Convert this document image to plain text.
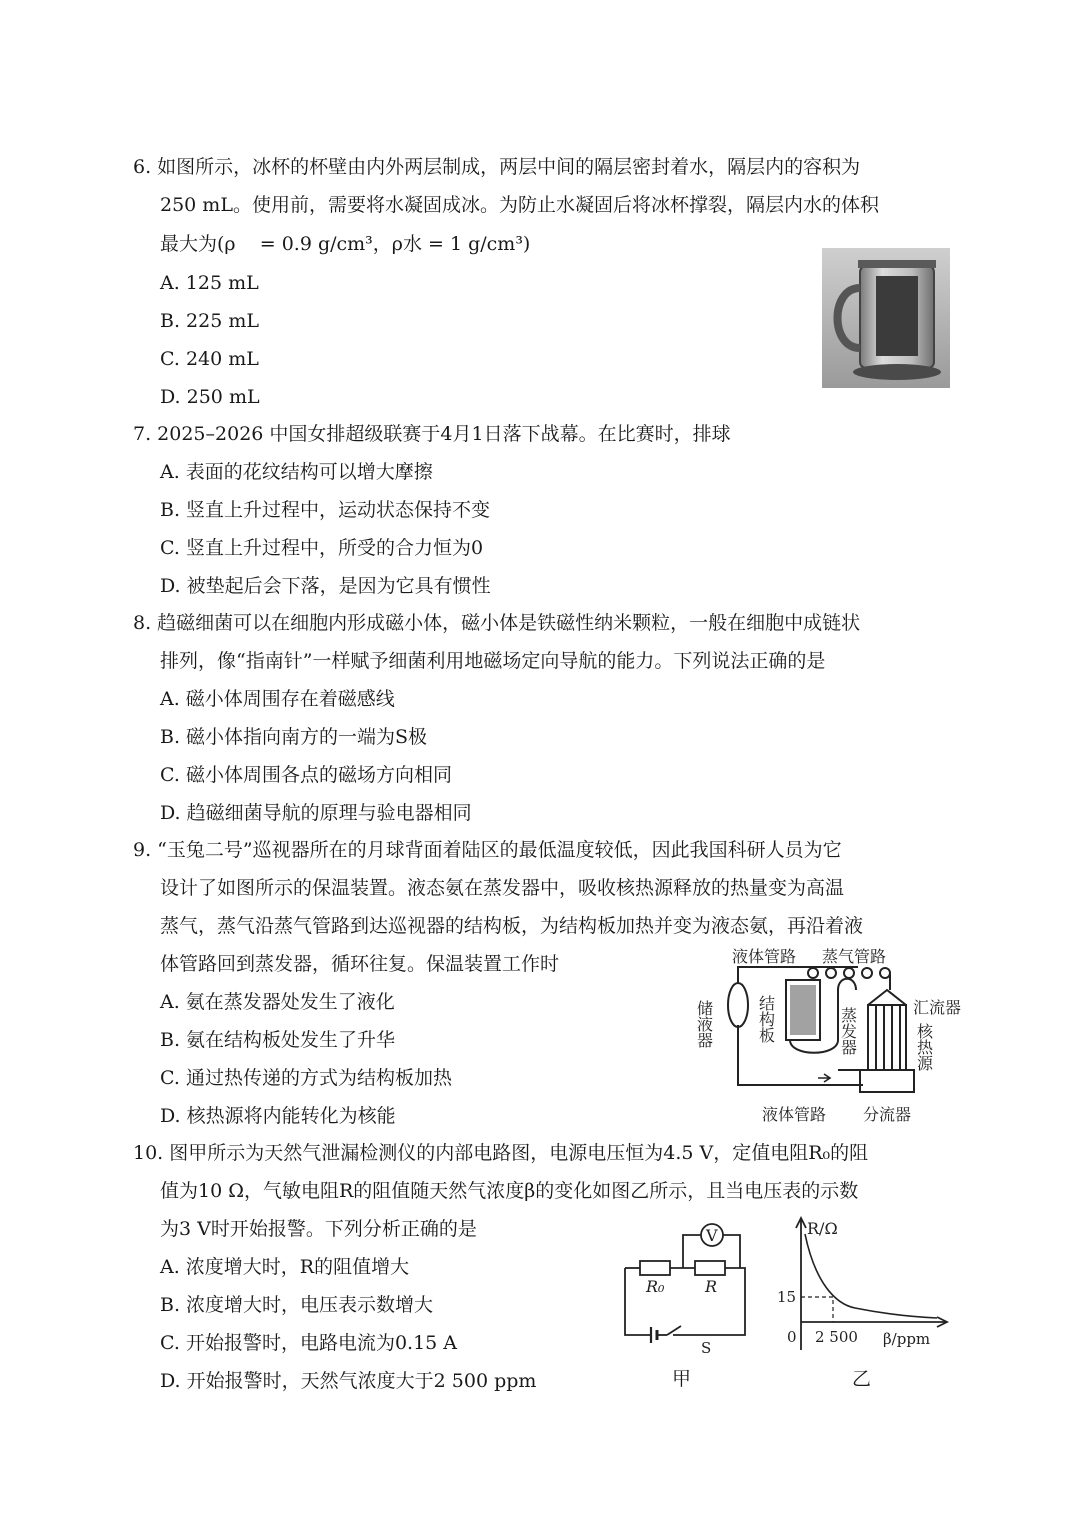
6. 如图所示，冰杯的杯壁由内外两层制成，两层中间的隔层密封着水，隔层内的容积为
250 mL。使用前，需要将水凝固成冰。为防止水凝固后将冰杯撑裂，隔层内水的体积
最大为(ρ    = 0.9 g/cm³，ρ水 = 1 g/cm³)
A. 125 mL
B. 225 mL
C. 240 mL
D. 250 mL
7. 2025–2026 中国女排超级联赛于4月1日落下战幕。在比赛时，排球
A. 表面的花纹结构可以增大摩擦
B. 竖直上升过程中，运动状态保持不变
C. 竖直上升过程中，所受的合力恒为0
D. 被垫起后会下落，是因为它具有惯性
8. 趋磁细菌可以在细胞内形成磁小体，磁小体是铁磁性纳米颗粒，一般在细胞中成链状
排列，像“指南针”一样赋予细菌利用地磁场定向导航的能力。下列说法正确的是
A. 磁小体周围存在着磁感线
B. 磁小体指向南方的一端为S极
C. 磁小体周围各点的磁场方向相同
D. 趋磁细菌导航的原理与验电器相同
9. “玉兔二号”巡视器所在的月球背面着陆区的最低温度较低，因此我国科研人员为它
设计了如图所示的保温装置。液态氨在蒸发器中，吸收核热源释放的热量变为高温
蒸气，蒸气沿蒸气管路到达巡视器的结构板，为结构板加热并变为液态氨，再沿着液
体管路回到蒸发器，循环往复。保温装置工作时
A. 氨在蒸发器处发生了液化
B. 氨在结构板处发生了升华
C. 通过热传递的方式为结构板加热
D. 核热源将内能转化为核能
液体管路 蒸气管路
汇流器
液体管路 分流器
储液器	结构板	蒸发器	核热源
10. 图甲所示为天然气泄漏检测仪的内部电路图，电源电压恒为4.5 V，定值电阻R₀的阻
值为10 Ω，气敏电阻R的阻值随天然气浓度β的变化如图乙所示，且当电压表的示数
为3 V时开始报警。下列分析正确的是
A. 浓度增大时，R的阻值增大
B. 浓度增大时，电压表示数增大
C. 开始报警时，电路电流为0.15 A
D. 开始报警时，天然气浓度大于2 500 ppm
V
R₀	R
S
甲
R/Ω
β/ppm
0
15
2 500
乙
